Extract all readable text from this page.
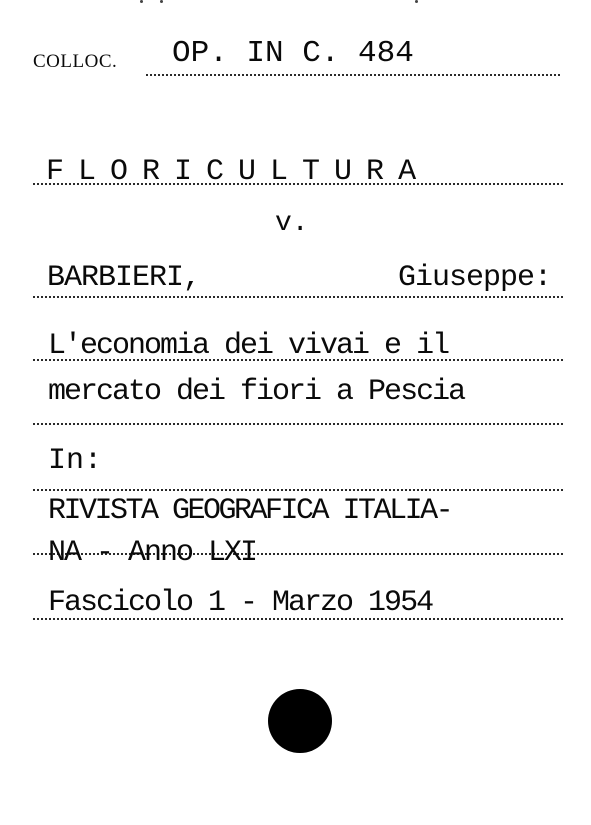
COLLOC. OP. IN C. 484
F L O R I C U L T U R A
v.
BARBIERI,	Giuseppe:
L'economia dei vivai e il
mercato dei fiori a Pescia
In:
RIVISTA GEOGRAFICA ITALIA-
NA - Anno LXI
Fascicolo 1 - Marzo 1954
